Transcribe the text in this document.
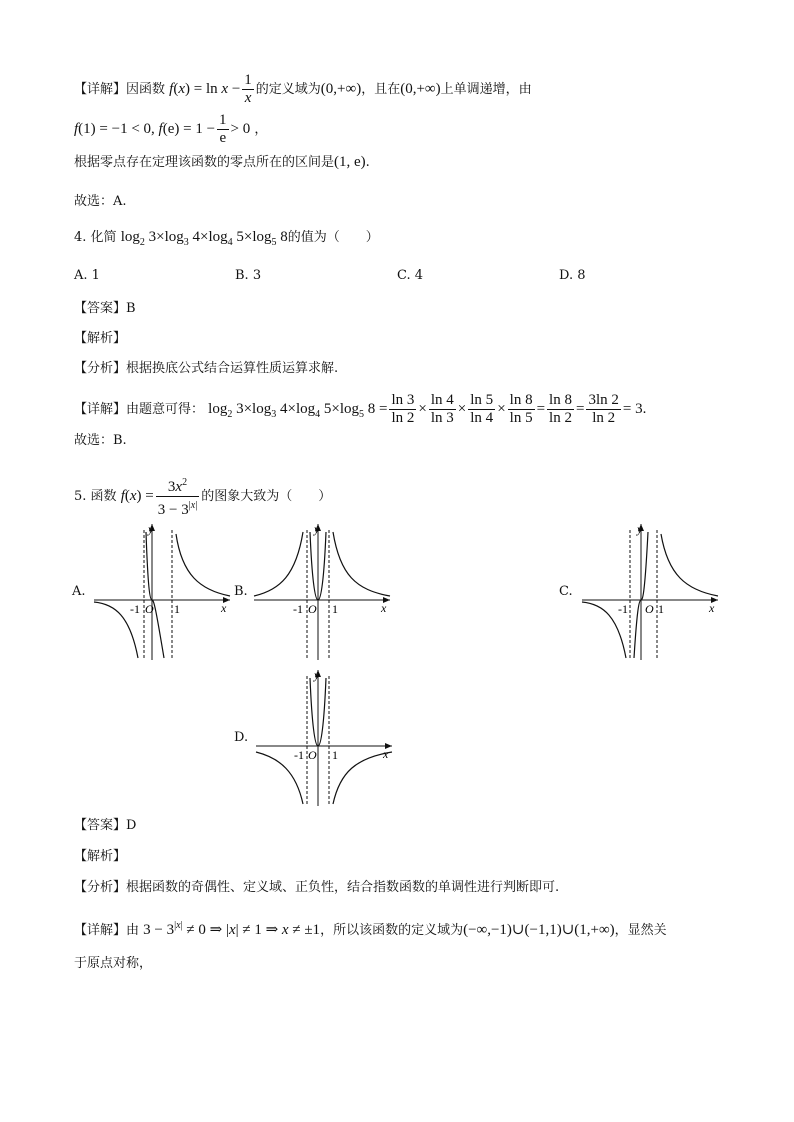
【详解】因函数 $f(x) = \ln x - \frac{1}{x}$ 的定义域为(0,+∞)，且在(0,+∞)上单调递增，由
f(1) = −1 < 0, $f(e) = 1 - \frac{1}{e} > 0$ ，
根据零点存在定理该函数的零点所在的区间是(1, e).
故选：A.
4. 化简 $\log_2 3\times\log_3$ $4\times\log_4$ $5\times\log_5$ 8的值为（　　）
A. 1	B. 3	C. 4	D. 8
【答案】B
【解析】
【分析】根据换底公式结合运算性质运算求解.
【详解】由题意可得： $\log_2 3\times\log_3$ $4\times\log_4$ $5\times\log_5$ $8 = \frac{\ln 3}{\ln 2} \times \frac{\ln 4}{\ln 3} \times \frac{\ln 5}{\ln 4} \times \frac{\ln 8}{\ln 5} = \frac{\ln 8}{\ln 2} = \frac{3\ln 2}{\ln 2} = 3$.
故选：B.
5. 函数 $f(x) = \frac{3x^2}{3 - 3^{|x|}}$ 的图象大致为（　　）
A.
y
x
-1 O 1
B.
y
x
-1 O 1
C.
y
x
-1 O 1
D.
y
x
-1 O 1
【答案】D
【解析】
【分析】根据函数的奇偶性、定义域、正负性，结合指数函数的单调性进行判断即可.
【详解】由 $3 - 3^{|x|} \ne 0$ ⇒ |x| ≠ 1 ⇒ x ≠ ±1，所以该函数的定义域为(−∞,−1)∪(−1,1)∪(1,+∞)，显然关
于原点对称，
